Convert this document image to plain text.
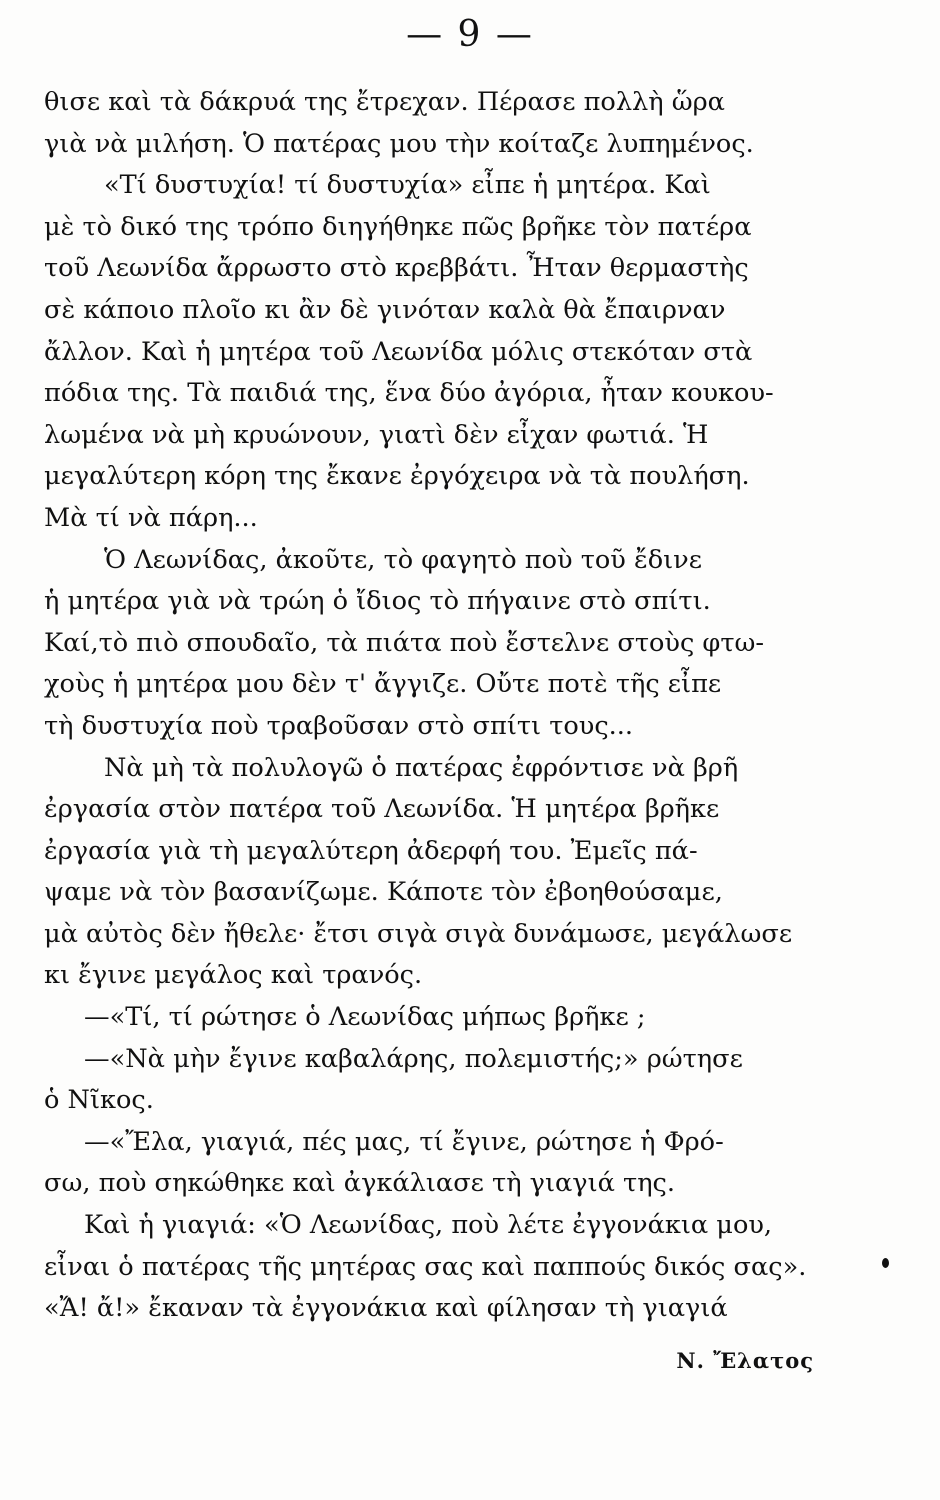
— 9 —
θισε καὶ τὰ δάκρυά της ἔτρεχαν. Πέρασε πολλὴ ὥρα
γιὰ νὰ μιλήση. Ὁ πατέρας μου τὴν κοίταζε λυπημένος.
«Τί δυστυχία! τί δυστυχία» εἶπε ἡ μητέρα. Καὶ
μὲ τὸ δικό της τρόπο διηγήθηκε πῶς βρῆκε τὸν πατέρα
τοῦ Λεωνίδα ἄρρωστο στὸ κρεββάτι. Ἦταν θερμαστὴς
σὲ κάποιο πλοῖο κι ἂν δὲ γινόταν καλὰ θὰ ἔπαιρναν
ἄλλον. Καὶ ἡ μητέρα τοῦ Λεωνίδα μόλις στεκόταν στὰ
πόδια της. Τὰ παιδιά της, ἕνα δύο ἀγόρια, ἦταν κουκου-
λωμένα νὰ μὴ κρυώνουν, γιατὶ δὲν εἶχαν φωτιά. Ἡ
μεγαλύτερη κόρη της ἔκανε ἐργόχειρα νὰ τὰ πουλήση.
Μὰ τί νὰ πάρη...
Ὁ Λεωνίδας, ἀκοῦτε, τὸ φαγητὸ ποὺ τοῦ ἔδινε
ἡ μητέρα γιὰ νὰ τρώη ὁ ἴδιος τὸ πήγαινε στὸ σπίτι.
Καί,τὸ πιὸ σπουδαῖο, τὰ πιάτα ποὺ ἔστελνε στοὺς φτω-
χοὺς ἡ μητέρα μου δὲν τ' ἄγγιζε. Οὔτε ποτὲ τῆς εἶπε
τὴ δυστυχία ποὺ τραβοῦσαν στὸ σπίτι τους...
Νὰ μὴ τὰ πολυλογῶ ὁ πατέρας ἐφρόντισε νὰ βρῆ
ἐργασία στὸν πατέρα τοῦ Λεωνίδα. Ἡ μητέρα βρῆκε
ἐργασία γιὰ τὴ μεγαλύτερη ἀδερφή του. Ἐμεῖς πά-
ψαμε νὰ τὸν βασανίζωμε. Κάποτε τὸν ἐβοηθούσαμε,
μὰ αὐτὸς δὲν ἤθελε· ἔτσι σιγὰ σιγὰ δυνάμωσε, μεγάλωσε
κι ἔγινε μεγάλος καὶ τρανός.
—«Τί, τί ρώτησε ὁ Λεωνίδας μήπως βρῆκε ;
—«Νὰ μὴν ἔγινε καβαλάρης, πολεμιστής;» ρώτησε
ὁ Νῖκος.
—«Ἔλα, γιαγιά, πές μας, τί ἔγινε, ρώτησε ἡ Φρό-
σω, ποὺ σηκώθηκε καὶ ἀγκάλιασε τὴ γιαγιά της.
Καὶ ἡ γιαγιά: «Ὁ Λεωνίδας, ποὺ λέτε ἐγγονάκια μου,
εἶναι ὁ πατέρας τῆς μητέρας σας καὶ παππούς δικός σας».
«Ἄ! ἄ!» ἔκαναν τὰ ἐγγονάκια καὶ φίλησαν τὴ γιαγιά
Ν. Ἔλατος
